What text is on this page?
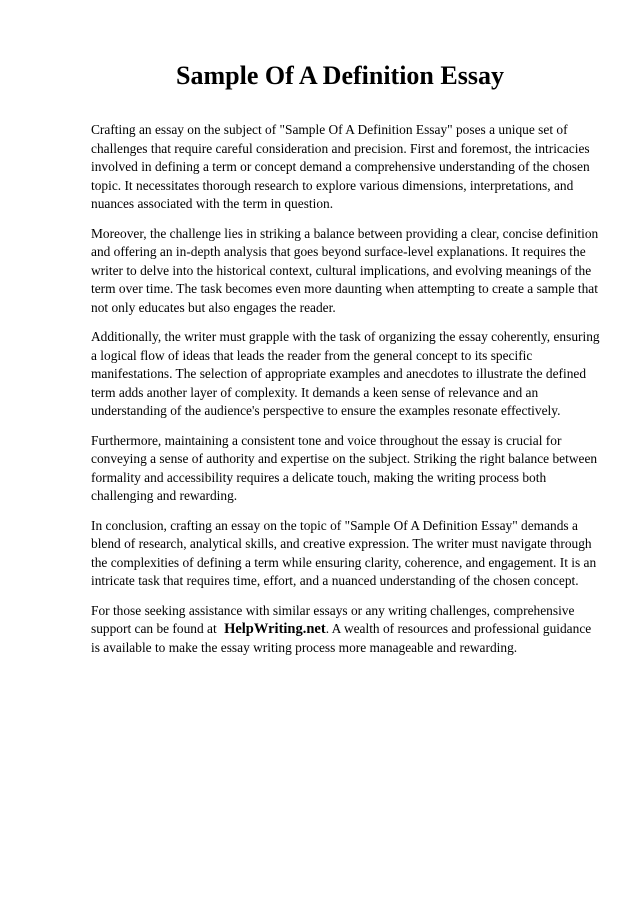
Sample Of A Definition Essay

Crafting an essay on the subject of "Sample Of A Definition Essay" poses a unique set of challenges that require careful consideration and precision. First and foremost, the intricacies involved in defining a term or concept demand a comprehensive understanding of the chosen topic. It necessitates thorough research to explore various dimensions, interpretations, and nuances associated with the term in question.

Moreover, the challenge lies in striking a balance between providing a clear, concise definition and offering an in-depth analysis that goes beyond surface-level explanations. It requires the writer to delve into the historical context, cultural implications, and evolving meanings of the term over time. The task becomes even more daunting when attempting to create a sample that not only educates but also engages the reader.

Additionally, the writer must grapple with the task of organizing the essay coherently, ensuring a logical flow of ideas that leads the reader from the general concept to its specific manifestations. The selection of appropriate examples and anecdotes to illustrate the defined term adds another layer of complexity. It demands a keen sense of relevance and an understanding of the audience's perspective to ensure the examples resonate effectively.

Furthermore, maintaining a consistent tone and voice throughout the essay is crucial for conveying a sense of authority and expertise on the subject. Striking the right balance between formality and accessibility requires a delicate touch, making the writing process both challenging and rewarding.

In conclusion, crafting an essay on the topic of "Sample Of A Definition Essay" demands a blend of research, analytical skills, and creative expression. The writer must navigate through the complexities of defining a term while ensuring clarity, coherence, and engagement. It is an intricate task that requires time, effort, and a nuanced understanding of the chosen concept.

For those seeking assistance with similar essays or any writing challenges, comprehensive support can be found at HelpWriting.net. A wealth of resources and professional guidance is available to make the essay writing process more manageable and rewarding.
